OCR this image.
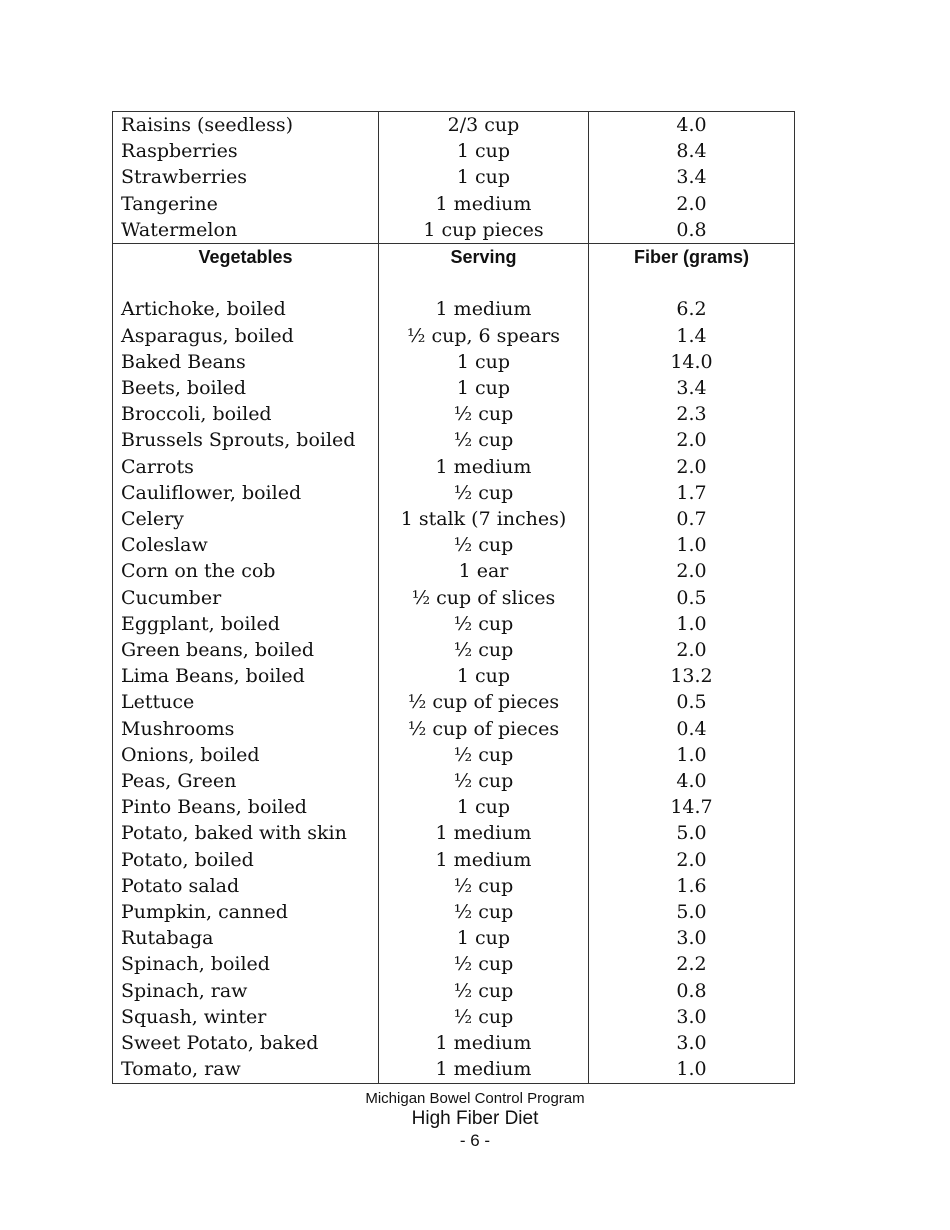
Raisins (seedless)	2/3 cup	4.0
Raspberries	1 cup	8.4
Strawberries	1 cup	3.4
Tangerine	1 medium	2.0
Watermelon	1 cup pieces	0.8
Vegetables	Serving	Fiber (grams)

Artichoke, boiled	1 medium	6.2
Asparagus, boiled	½ cup, 6 spears	1.4
Baked Beans	1 cup	14.0
Beets, boiled	1 cup	3.4
Broccoli, boiled	½ cup	2.3
Brussels Sprouts, boiled	½ cup	2.0
Carrots	1 medium	2.0
Cauliflower, boiled	½ cup	1.7
Celery	1 stalk (7 inches)	0.7
Coleslaw	½ cup	1.0
Corn on the cob	1 ear	2.0
Cucumber	½ cup of slices	0.5
Eggplant, boiled	½ cup	1.0
Green beans, boiled	½ cup	2.0
Lima Beans, boiled	1 cup	13.2
Lettuce	½ cup of pieces	0.5
Mushrooms	½ cup of pieces	0.4
Onions, boiled	½ cup	1.0
Peas, Green	½ cup	4.0
Pinto Beans, boiled	1 cup	14.7
Potato, baked with skin	1 medium	5.0
Potato, boiled	1 medium	2.0
Potato salad	½ cup	1.6
Pumpkin, canned	½ cup	5.0
Rutabaga	1 cup	3.0
Spinach, boiled	½ cup	2.2
Spinach, raw	½ cup	0.8
Squash, winter	½ cup	3.0
Sweet Potato, baked	1 medium	3.0
Tomato, raw	1 medium	1.0
Michigan Bowel Control Program
High Fiber Diet
- 6 -
